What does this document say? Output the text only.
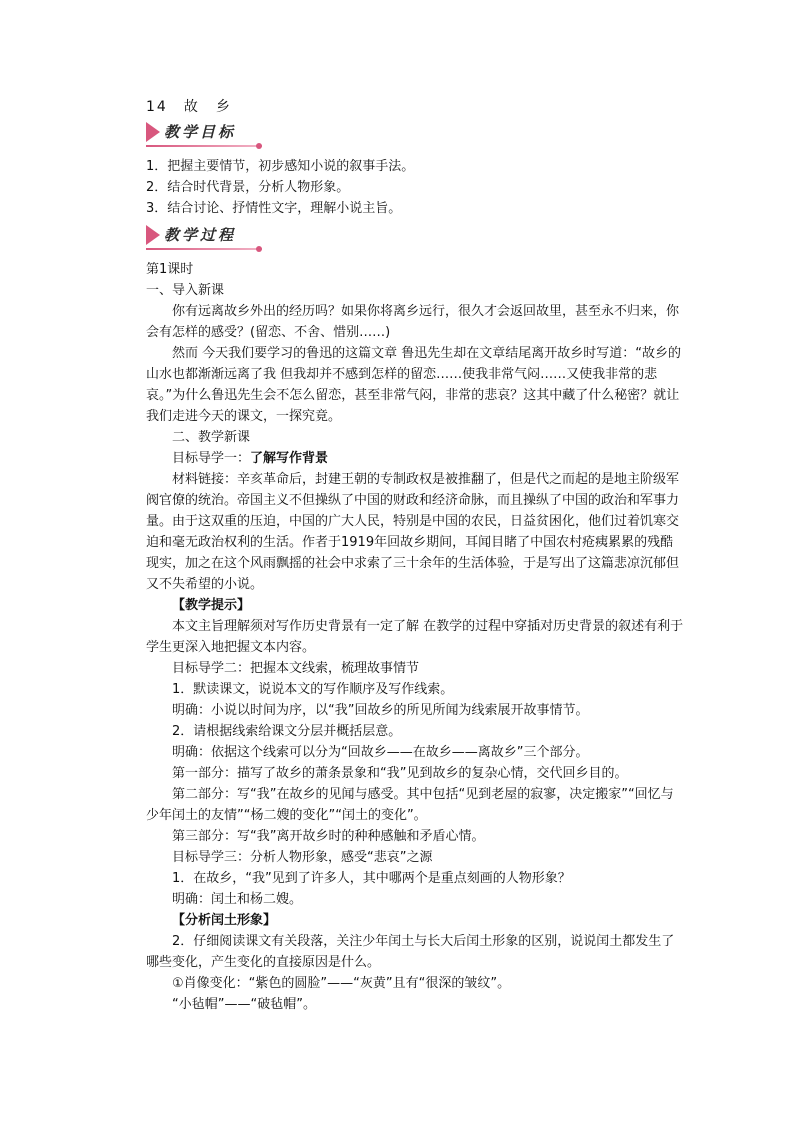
14　故　乡
教学目标

1．把握主要情节，初步感知小说的叙事手法。

2．结合时代背景，分析人物形象。

3．结合讨论、抒情性文字，理解小说主旨。

教学过程

第1课时

一、导入新课

你有远离故乡外出的经历吗？如果你将离乡远行，很久才会返回故里，甚至永不归来，你会有怎样的感受？(留恋、不舍、惜别……)

然而 今天我们要学习的鲁迅的这篇文章 鲁迅先生却在文章结尾离开故乡时写道：“故乡的山水也都渐渐远离了我 但我却并不感到怎样的留恋……使我非常气闷……又使我非常的悲哀。”为什么鲁迅先生会不怎么留恋，甚至非常气闷，非常的悲哀？这其中藏了什么秘密？就让我们走进今天的课文，一探究竟。

二、教学新课

目标导学一：了解写作背景

材料链接：辛亥革命后，封建王朝的专制政权是被推翻了，但是代之而起的是地主阶级军阀官僚的统治。帝国主义不但操纵了中国的财政和经济命脉，而且操纵了中国的政治和军事力量。由于这双重的压迫，中国的广大人民，特别是中国的农民，日益贫困化，他们过着饥寒交迫和毫无政治权利的生活。作者于1919年回故乡期间，耳闻目睹了中国农村疮痍累累的残酷现实，加之在这个风雨飘摇的社会中求索了三十余年的生活体验，于是写出了这篇悲凉沉郁但又不失希望的小说。

【教学提示】

本文主旨理解须对写作历史背景有一定了解 在教学的过程中穿插对历史背景的叙述有利于学生更深入地把握文本内容。

目标导学二：把握本文线索，梳理故事情节

1．默读课文，说说本文的写作顺序及写作线索。

明确：小说以时间为序，以“我”回故乡的所见所闻为线索展开故事情节。

2．请根据线索给课文分层并概括层意。

明确：依据这个线索可以分为“回故乡——在故乡——离故乡”三个部分。

第一部分：描写了故乡的萧条景象和“我”见到故乡的复杂心情，交代回乡目的。

第二部分：写“我”在故乡的见闻与感受。其中包括“见到老屋的寂寥，决定搬家”“回忆与少年闰土的友情”“杨二嫂的变化”“闰土的变化”。

第三部分：写“我”离开故乡时的种种感触和矛盾心情。

目标导学三：分析人物形象，感受“悲哀”之源

1．在故乡，“我”见到了许多人，其中哪两个是重点刻画的人物形象？

明确：闰土和杨二嫂。

【分析闰土形象】

2．仔细阅读课文有关段落，关注少年闰土与长大后闰土形象的区别，说说闰土都发生了哪些变化，产生变化的直接原因是什么。

①肖像变化：“紫色的圆脸”——“灰黄”且有“很深的皱纹”。

“小毡帽”——“破毡帽”。
